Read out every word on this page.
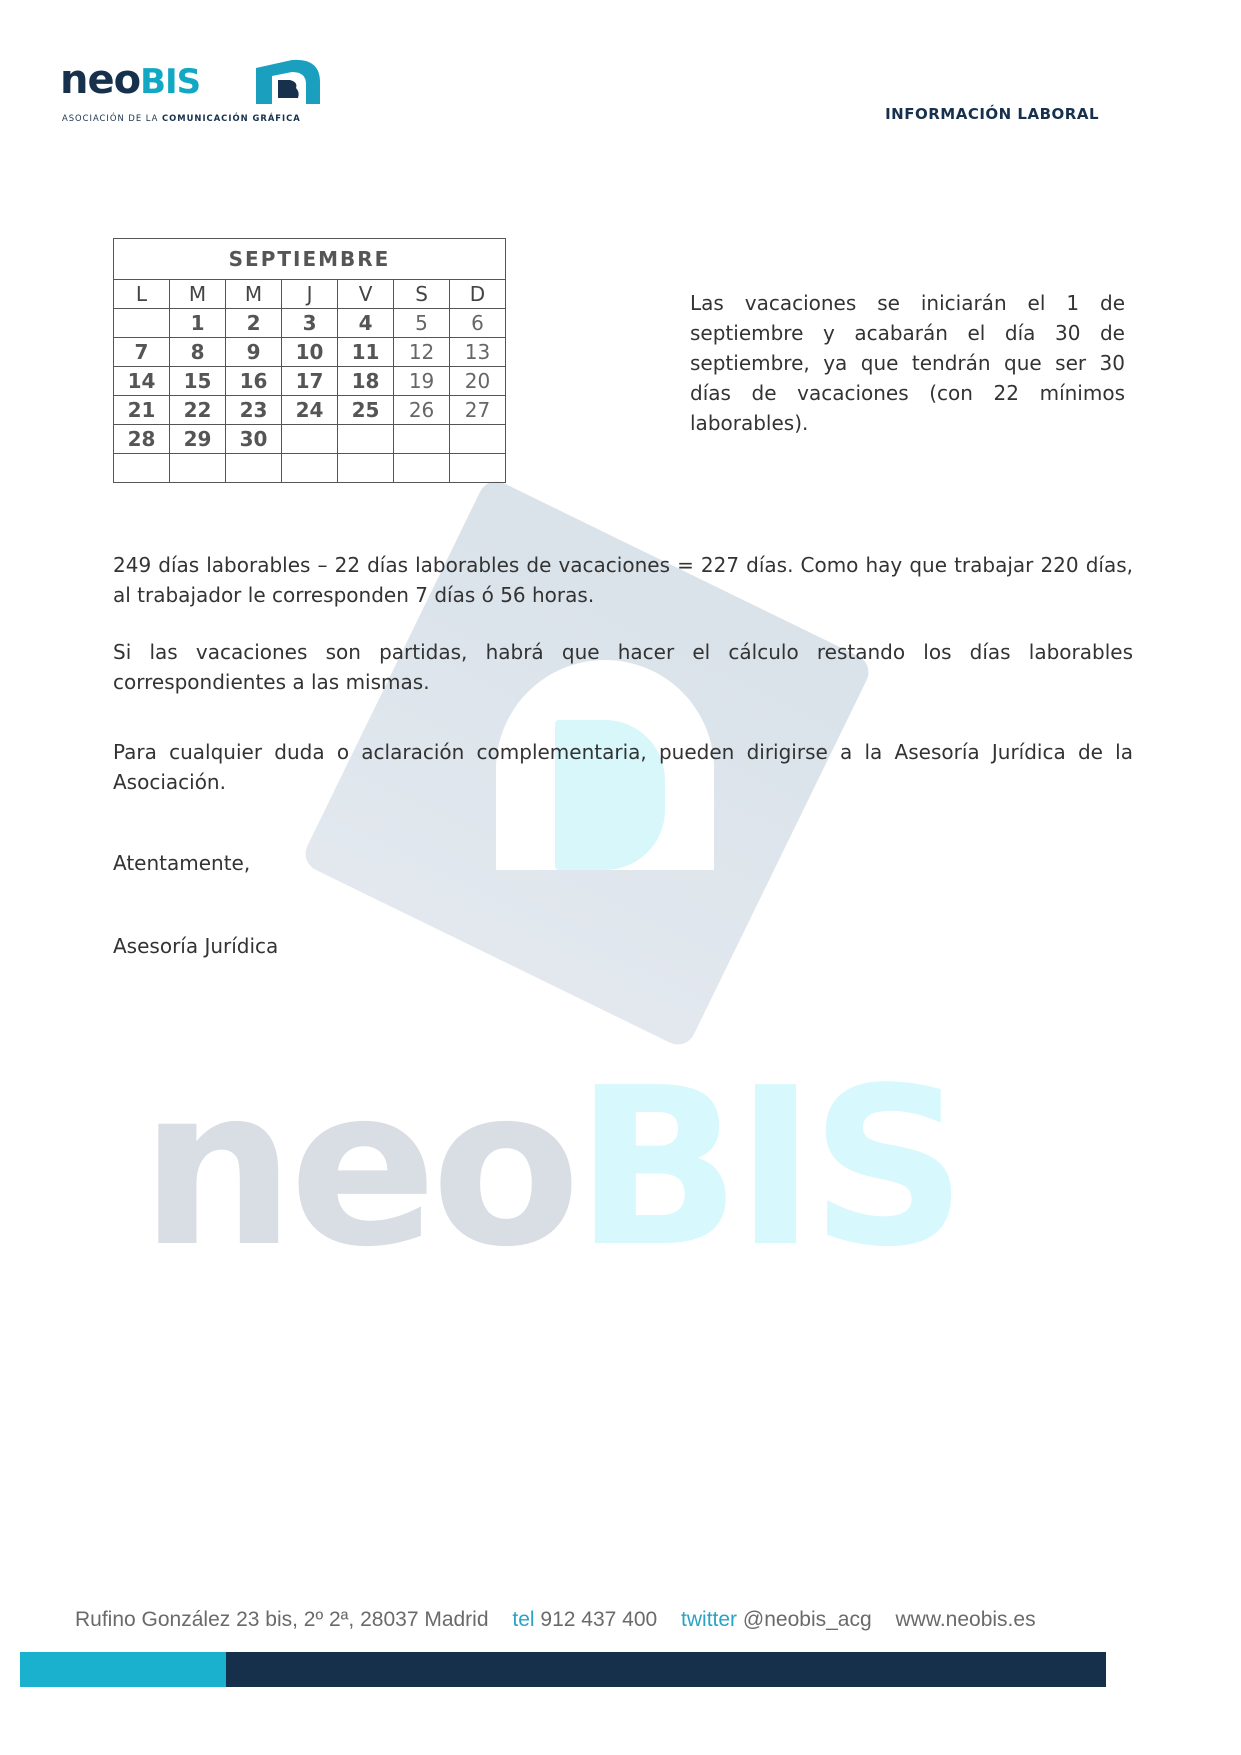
neoBIS
neoBIS
ASOCIACIÓN DE LA COMUNICACIÓN GRÁFICA	INFORMACIÓN LABORAL
SEPTIEMBRE						
L	M	M	J	V	S	D
	1	2	3	4	5	6
7	8	9	10	11	12	13
14	15	16	17	18	19	20
21	22	23	24	25	26	27
28	29	30				

Las vacaciones se iniciarán el 1 de septiembre y acabarán el día 30 de septiembre, ya que tendrán que ser 30 días de vacaciones (con 22 mínimos laborables).
249 días laborables – 22 días laborables de vacaciones = 227 días. Como hay que trabajar 220 días, al trabajador le corresponden 7 días ó 56 horas.
Si las vacaciones son partidas, habrá que hacer el cálculo restando los días laborables correspondientes a las mismas.
Para cualquier duda o aclaración complementaria, pueden dirigirse a la Asesoría Jurídica de la Asociación.
Atentamente,
Asesoría Jurídica
Rufino González 23 bis, 2º 2ª, 28037 Madrid tel 912 437 400 twitter @neobis_acg www.neobis.es
